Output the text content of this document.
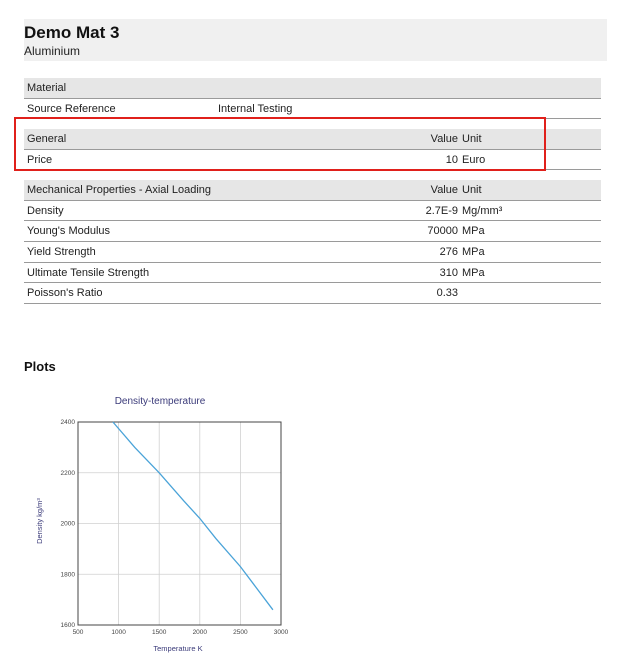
Demo Mat 3
Aluminium
Material
Source Reference	Internal Testing
General	Value Unit
Price	10 Euro
Mechanical Properties - Axial Loading	Value Unit
Density	2.7E-9 Mg/mm³
Young's Modulus	70000 MPa
Yield Strength	276 MPa
Ultimate Tensile Strength	310 MPa
Poisson's Ratio	0.33
Plots
Density-temperature
500	1000	1500	2000	2500	3000
1600
1800
2000
2200
2400
Temperature K
Density kg/m³
